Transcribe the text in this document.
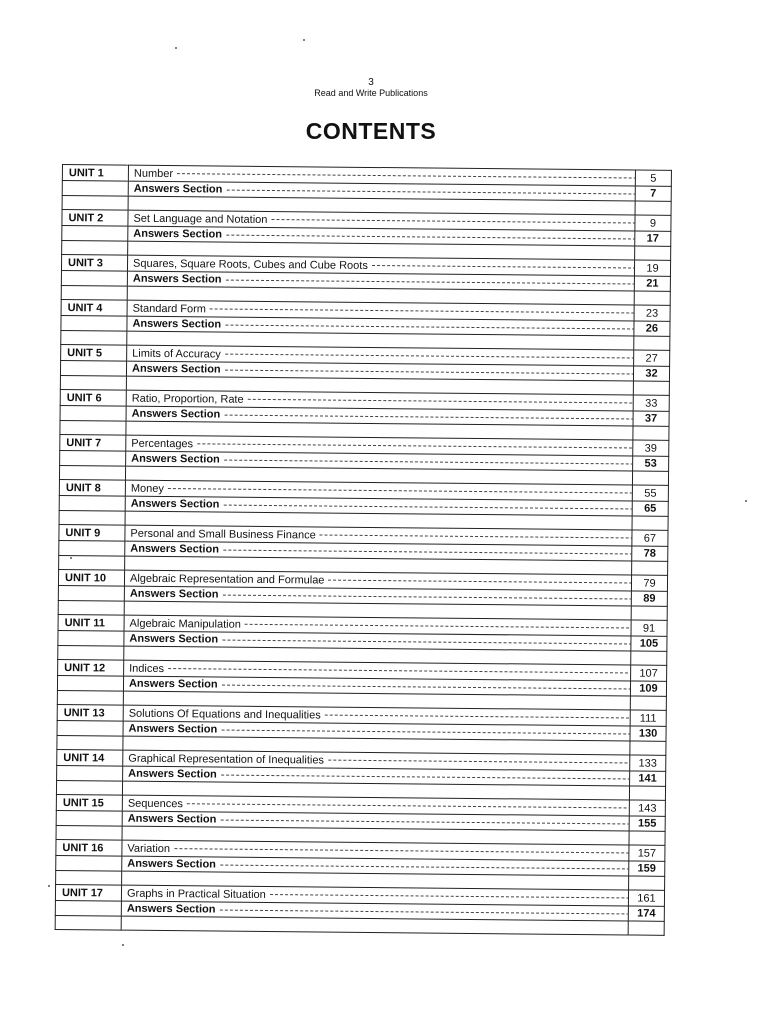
3
Read and Write Publications
CONTENTS
UNIT 1	Number	5
	Answers Section	7

UNIT 2	Set Language and Notation	9
	Answers Section	17

UNIT 3	Squares, Square Roots, Cubes and Cube Roots	19
	Answers Section	21

UNIT 4	Standard Form	23
	Answers Section	26

UNIT 5	Limits of Accuracy	27
	Answers Section	32

UNIT 6	Ratio, Proportion, Rate	33
	Answers Section	37

UNIT 7	Percentages	39
	Answers Section	53

UNIT 8	Money	55
	Answers Section	65

UNIT 9	Personal and Small Business Finance	67
	Answers Section	78

UNIT 10	Algebraic Representation and Formulae	79
	Answers Section	89

UNIT 11	Algebraic Manipulation	91
	Answers Section	105

UNIT 12	Indices	107
	Answers Section	109

UNIT 13	Solutions Of Equations and Inequalities	111
	Answers Section	130

UNIT 14	Graphical Representation of Inequalities	133
	Answers Section	141

UNIT 15	Sequences	143
	Answers Section	155

UNIT 16	Variation	157
	Answers Section	159

UNIT 17	Graphs in Practical Situation	161
	Answers Section	174
